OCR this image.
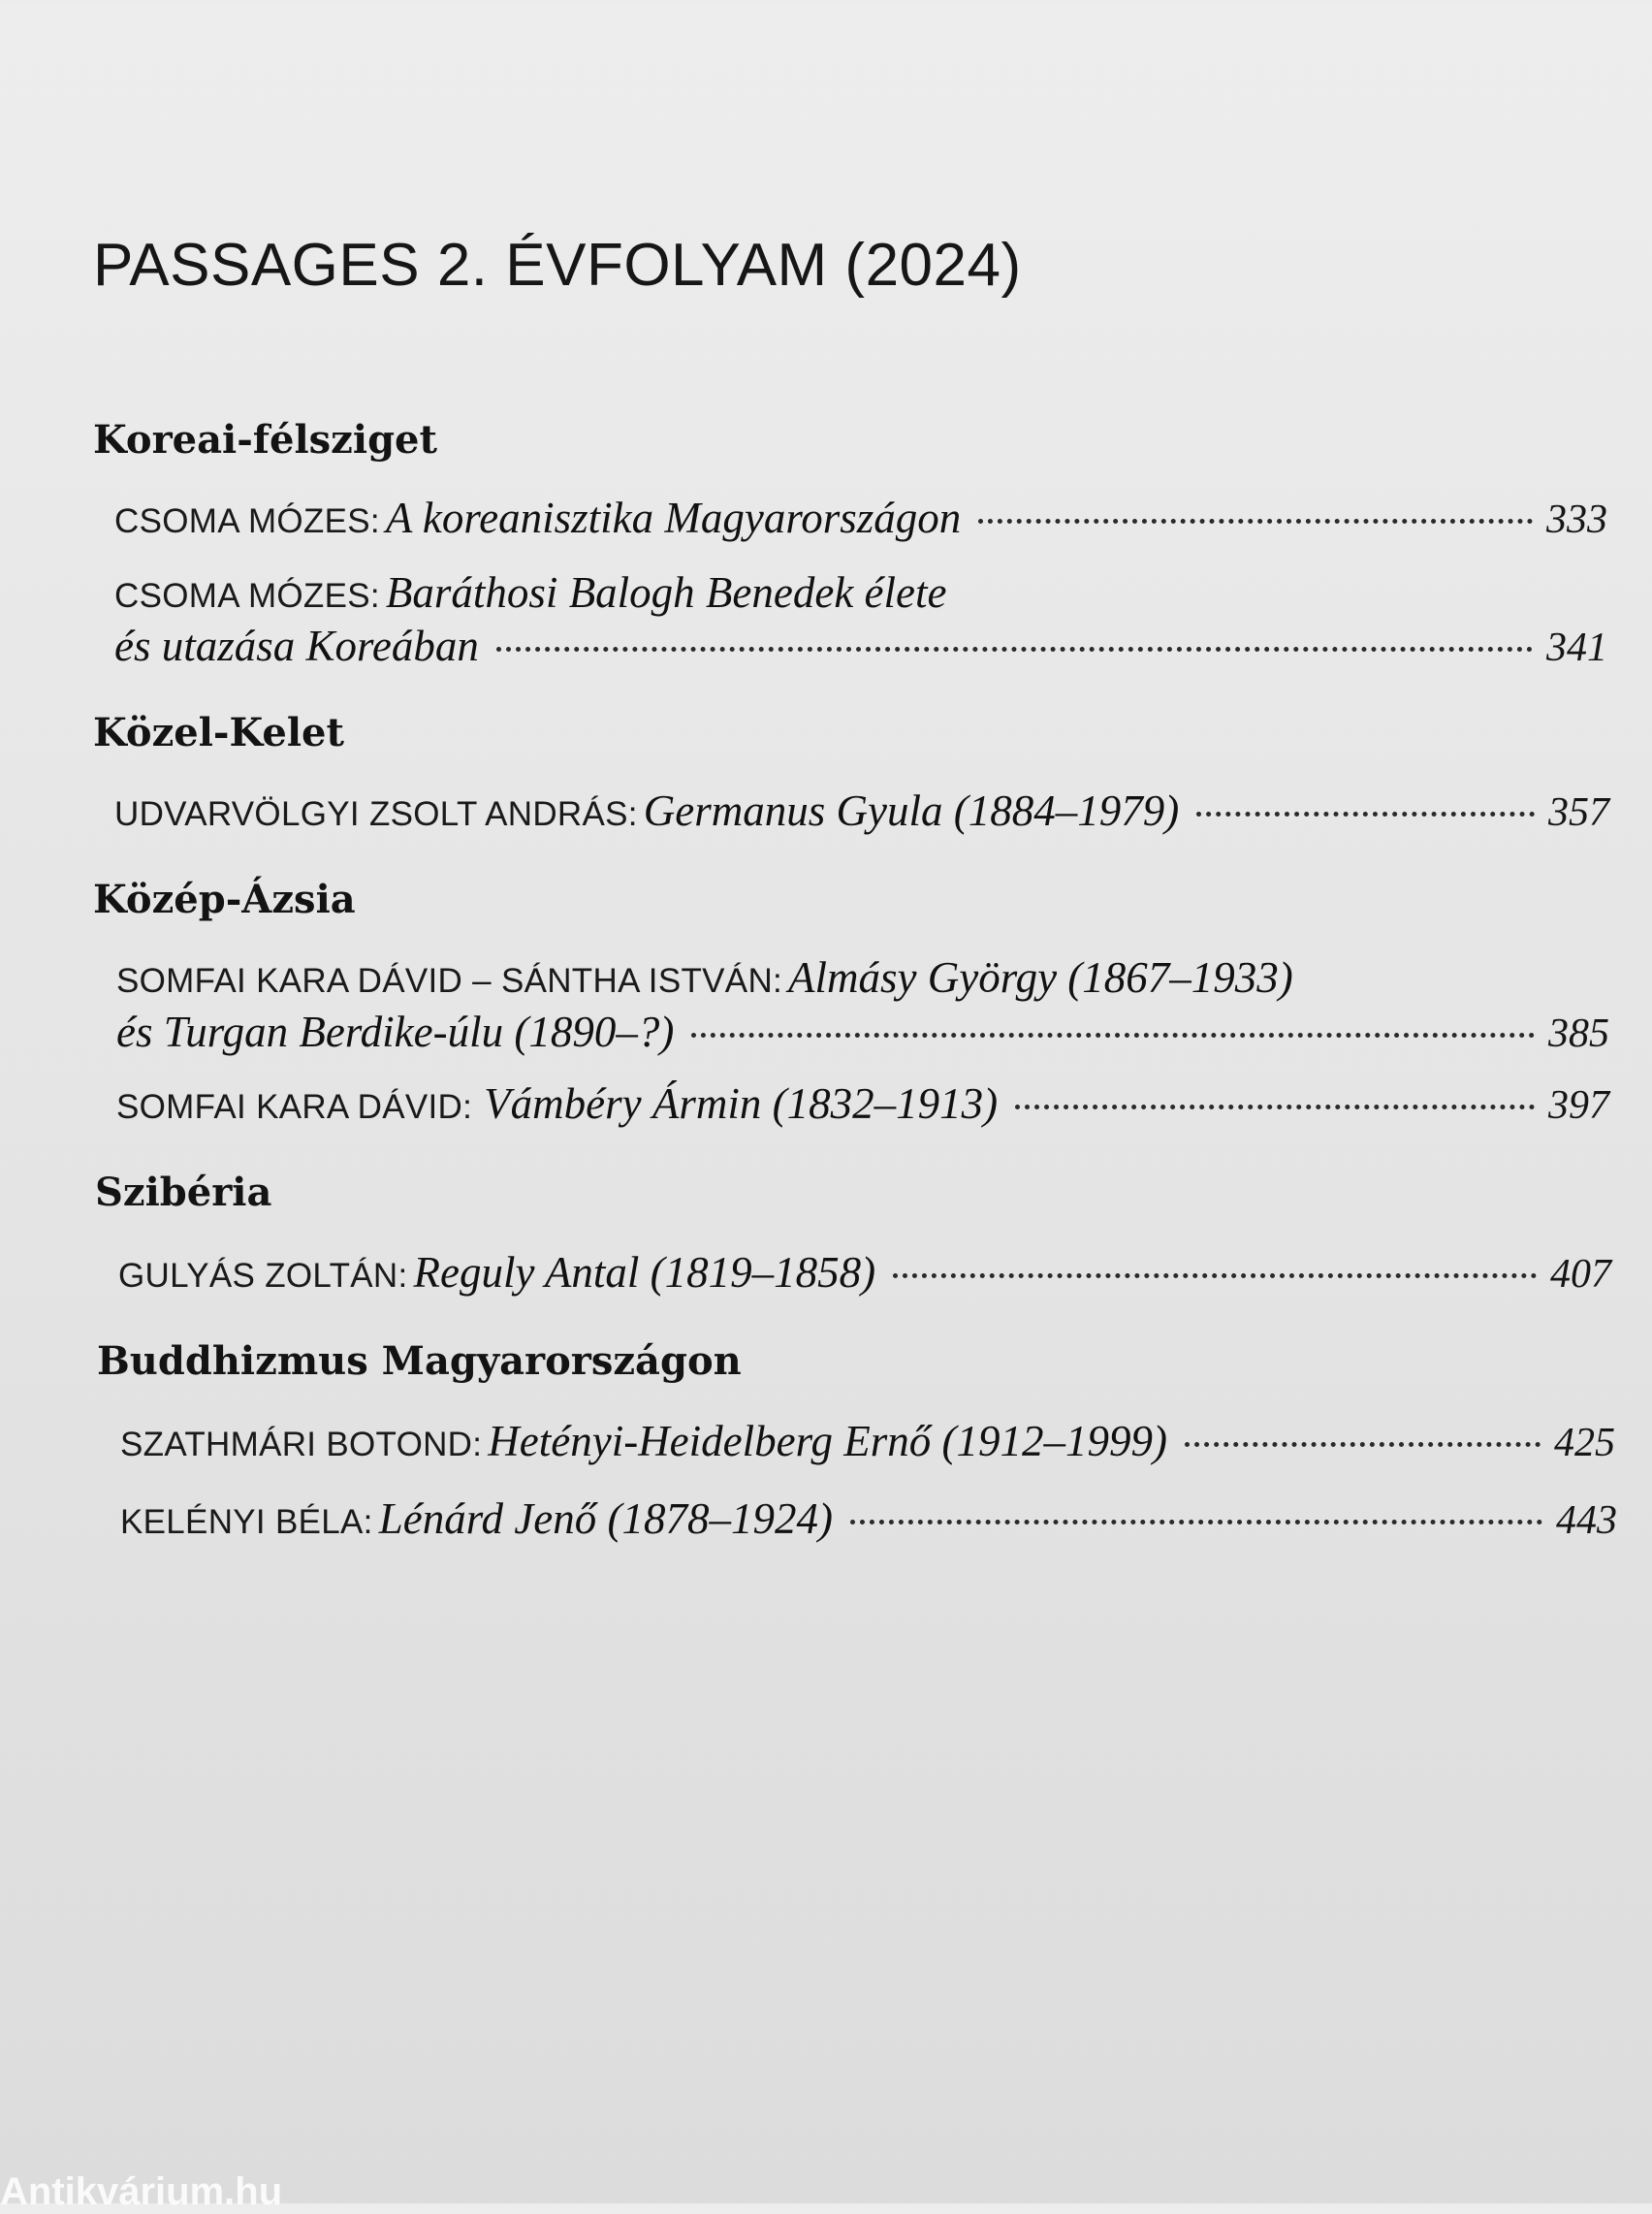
PASSAGES 2. ÉVFOLYAM (2024)
Koreai-félsziget
CSOMA MÓZES: A koreanisztika Magyarországon	333
CSOMA MÓZES: Baráthosi Balogh Benedek élete
és utazása Koreában	341
Közel-Kelet
UDVARVÖLGYI ZSOLT ANDRÁS: Germanus Gyula (1884–1979)	357
Közép-Ázsia
SOMFAI KARA DÁVID – SÁNTHA ISTVÁN: Almásy György (1867–1933)
és Turgan Berdike-úlu (1890–?)	385
SOMFAI KARA DÁVID: Vámbéry Ármin (1832–1913)	397
Szibéria
GULYÁS ZOLTÁN: Reguly Antal (1819–1858)	407
Buddhizmus Magyarországon
SZATHMÁRI BOTOND: Hetényi-Heidelberg Ernő (1912–1999)	425
KELÉNYI BÉLA: Lénárd Jenő (1878–1924)	443
Antikvárium.hu
